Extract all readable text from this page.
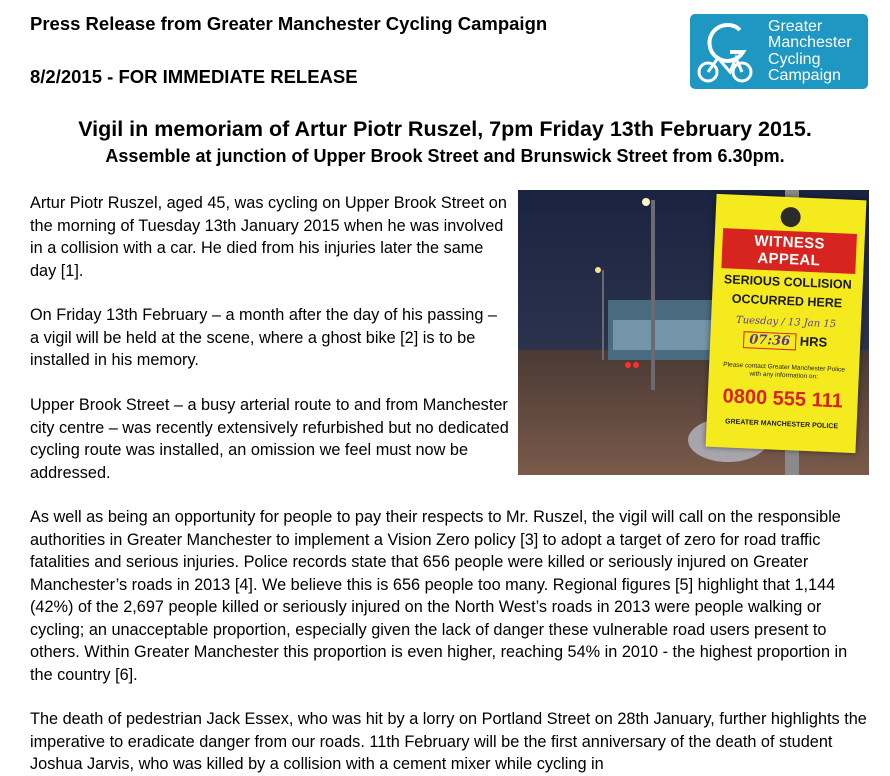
Press Release from Greater Manchester Cycling Campaign
8/2/2015 - FOR IMMEDIATE RELEASE
Greater
Manchester
Cycling
Campaign
Vigil in memoriam of Artur Piotr Ruszel, 7pm Friday 13th February 2015.
Assemble at junction of Upper Brook Street and Brunswick Street from 6.30pm.
Artur Piotr Ruszel, aged 45, was cycling on Upper Brook Street on the morning of Tuesday 13th January 2015 when he was involved in a collision with a car. He died from his injuries later the same day [1].
On Friday 13th February – a month after the day of his passing – a vigil will be held at the scene, where a ghost bike [2] is to be installed in his memory.
Upper Brook Street – a busy arterial route to and from Manchester city centre – was recently extensively refurbished but no dedicated cycling route was installed, an omission we feel must now be addressed.
As well as being an opportunity for people to pay their respects to Mr. Ruszel, the vigil will call on the responsible authorities in Greater Manchester to implement a Vision Zero policy [3] to adopt a target of zero for road traffic fatalities and serious injuries. Police records state that 656 people were killed or seriously injured on Greater Manchester’s roads in 2013 [4]. We believe this is 656 people too many. Regional figures [5] highlight that 1,144 (42%) of the 2,697 people killed or seriously injured on the North West’s roads in 2013 were people walking or cycling; an unacceptable proportion, especially given the lack of danger these vulnerable road users present to others. Within Greater Manchester this proportion is even higher, reaching 54% in 2010 - the highest proportion in the country [6].
The death of pedestrian Jack Essex, who was hit by a lorry on Portland Street on 28th January, further highlights the imperative to eradicate danger from our roads. 11th February will be the first anniversary of the death of student Joshua Jarvis, who was killed by a collision with a cement mixer while cycling in
WITNESS APPEAL
SERIOUS COLLISION
OCCURRED HERE
Tuesday / 13 Jan 15
07:36 HRS
Please contact Greater Manchester Police with any information on:
0800 555 111
GREATER MANCHESTER POLICE
